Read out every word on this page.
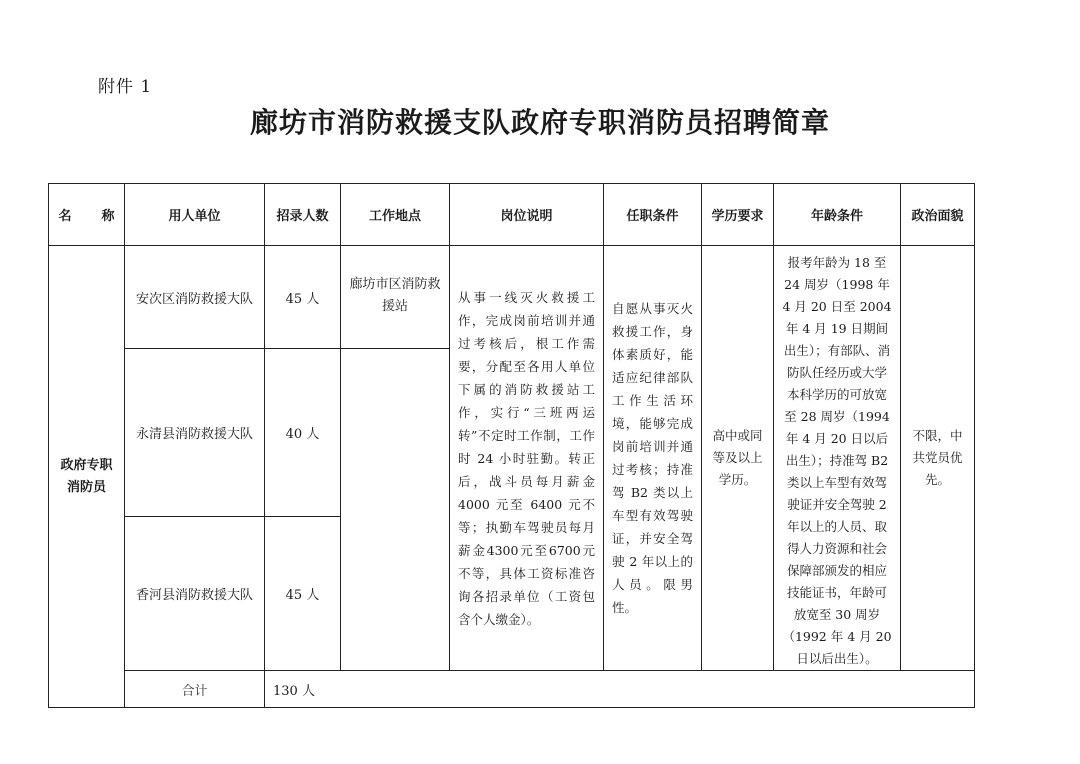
附件 1
廊坊市消防救援支队政府专职消防员招聘简章
名 称	用人单位	招录人数	工作地点	岗位说明	任职条件	学历要求	年龄条件	政治面貌
政府专职消防员	安次区消防救援大队	45 人	廊坊市区消防救援站	从事一线灭火救援工作，完成岗前培训并通过考核后，根工作需要，分配至各用人单位下属的消防救援站工作，实行“三班两运转”不定时工作制，工作时 24 小时驻勤。转正后，战斗员每月薪金 4000 元至 6400 元不等；执勤车驾驶员每月薪金4300元至6700元不等，具体工资标准咨询各招录单位（工资包含个人缴金）。	自愿从事灭火救援工作，身体素质好，能适应纪律部队工作生活环境，能够完成岗前培训并通过考核；持准驾 B2 类以上车型有效驾驶证，并安全驾驶 2 年以上的人员。限男性。	高中或同等及以上学历。	报考年龄为 18 至 24 周岁（1998 年 4 月 20 日至 2004 年 4 月 19 日期间出生）；有部队、消防队任经历或大学本科学历的可放宽至 28 周岁（1994 年 4 月 20 日以后出生）；持准驾 B2 类以上车型有效驾驶证并安全驾驶 2 年以上的人员、取得人力资源和社会保障部颁发的相应技能证书，年龄可放宽至 30 周岁（1992 年 4 月 20 日以后出生）。	不限，中共党员优先。
	永清县消防救援大队	40 人						
	香河县消防救援大队	45 人						
	合计	130 人						
